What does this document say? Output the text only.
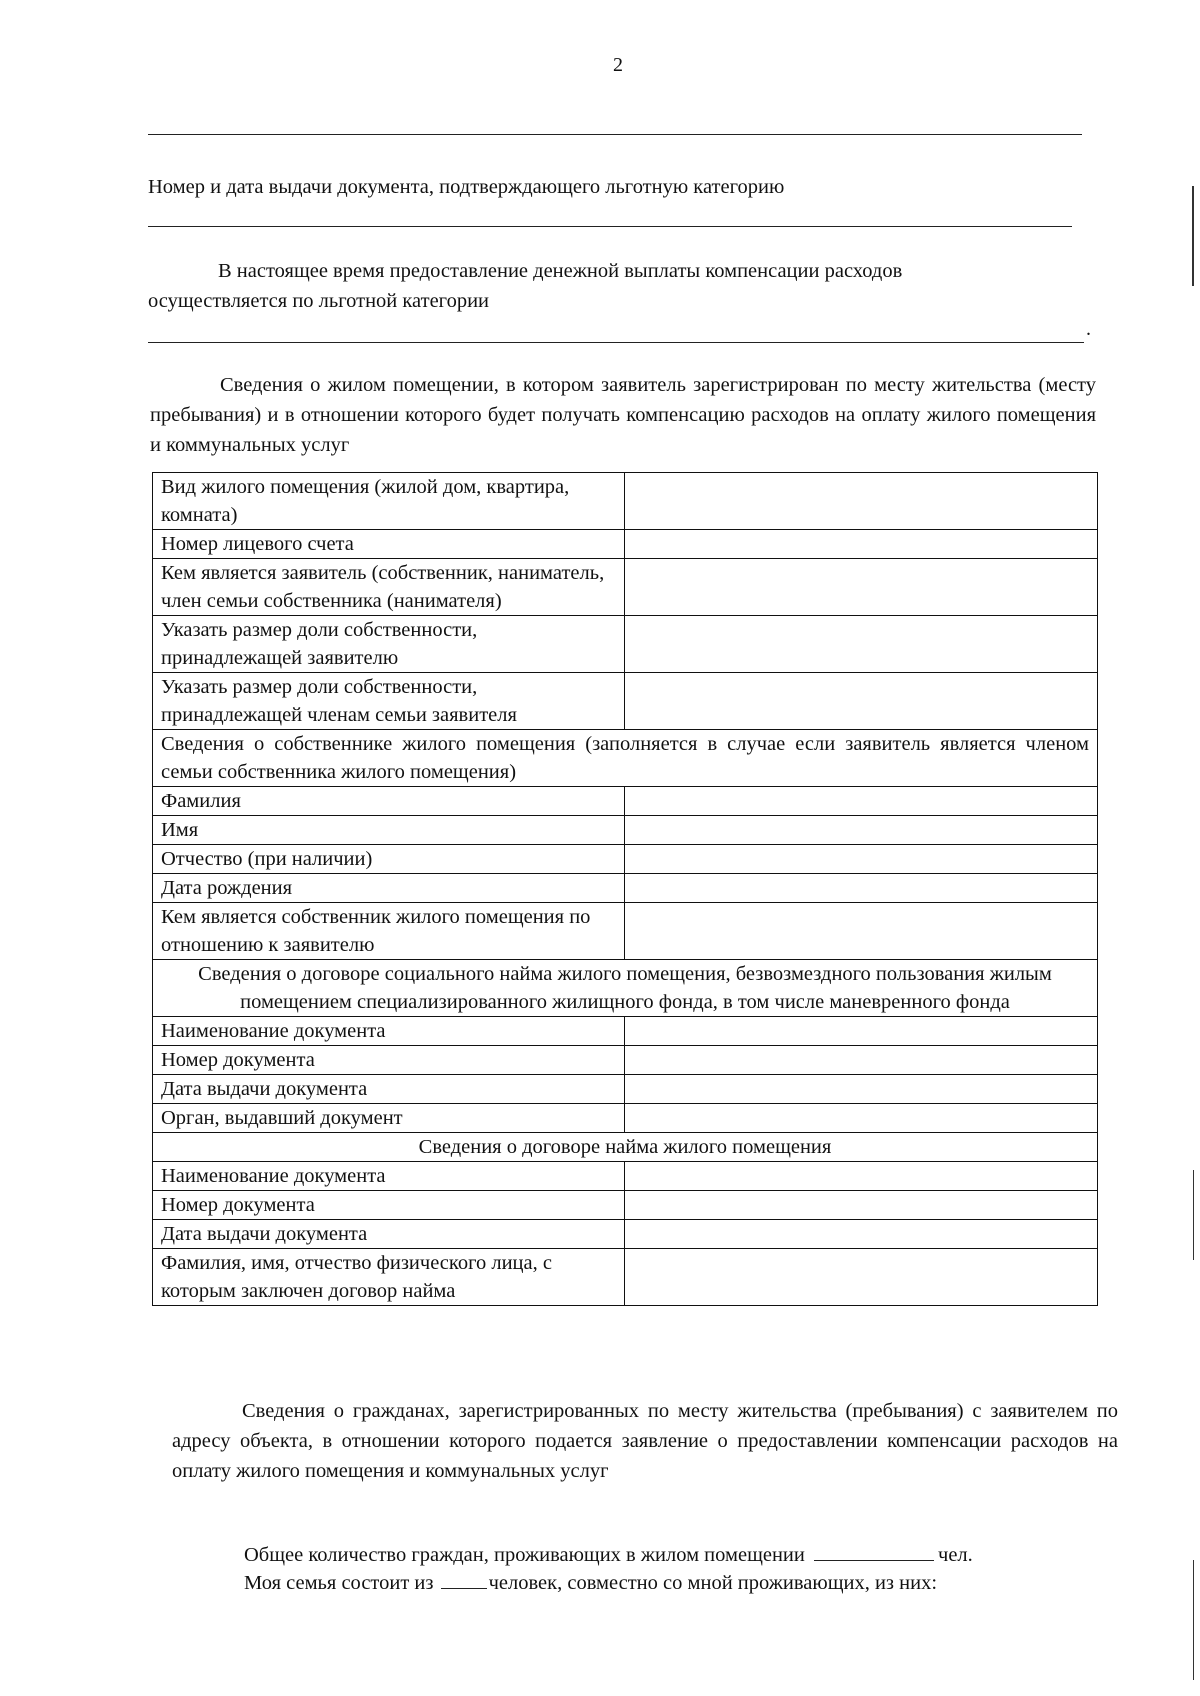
2
Номер и дата выдачи документа, подтверждающего льготную категорию
В настоящее время предоставление денежной выплаты компенсации расходов
осуществляется по льготной категории
.
Сведения о жилом помещении, в котором заявитель зарегистрирован по месту жительства (месту пребывания) и в отношении которого будет получать компенсацию расходов на оплату жилого помещения и коммунальных услуг
Вид жилого помещения (жилой дом, квартира, комната)	
Номер лицевого счета	
Кем является заявитель (собственник, наниматель, член семьи собственника (нанимателя)	
Указать размер доли собственности, принадлежащей заявителю	
Указать размер доли собственности, принадлежащей членам семьи заявителя	
Сведения о собственнике жилого помещения (заполняется в случае если заявитель является членом семьи собственника жилого помещения)	
Фамилия	
Имя	
Отчество (при наличии)	
Дата рождения	
Кем является собственник жилого помещения по отношению к заявителю	
Сведения о договоре социального найма жилого помещения, безвозмездного пользования жилым помещением специализированного жилищного фонда, в том числе маневренного фонда	
Наименование документа	
Номер документа	
Дата выдачи документа	
Орган, выдавший документ	
Сведения о договоре найма жилого помещения	
Наименование документа	
Номер документа	
Дата выдачи документа	
Фамилия, имя, отчество физического лица, с которым заключен договор найма	
Сведения о гражданах, зарегистрированных по месту жительства (пребывания) с заявителем по адресу объекта, в отношении которого подается заявление о предоставлении компенсации расходов на оплату жилого помещения и коммунальных услуг
Общее количество граждан, проживающих в жилом помещении	чел.
Моя семья состоит из	человек, совместно со мной проживающих, из них:
